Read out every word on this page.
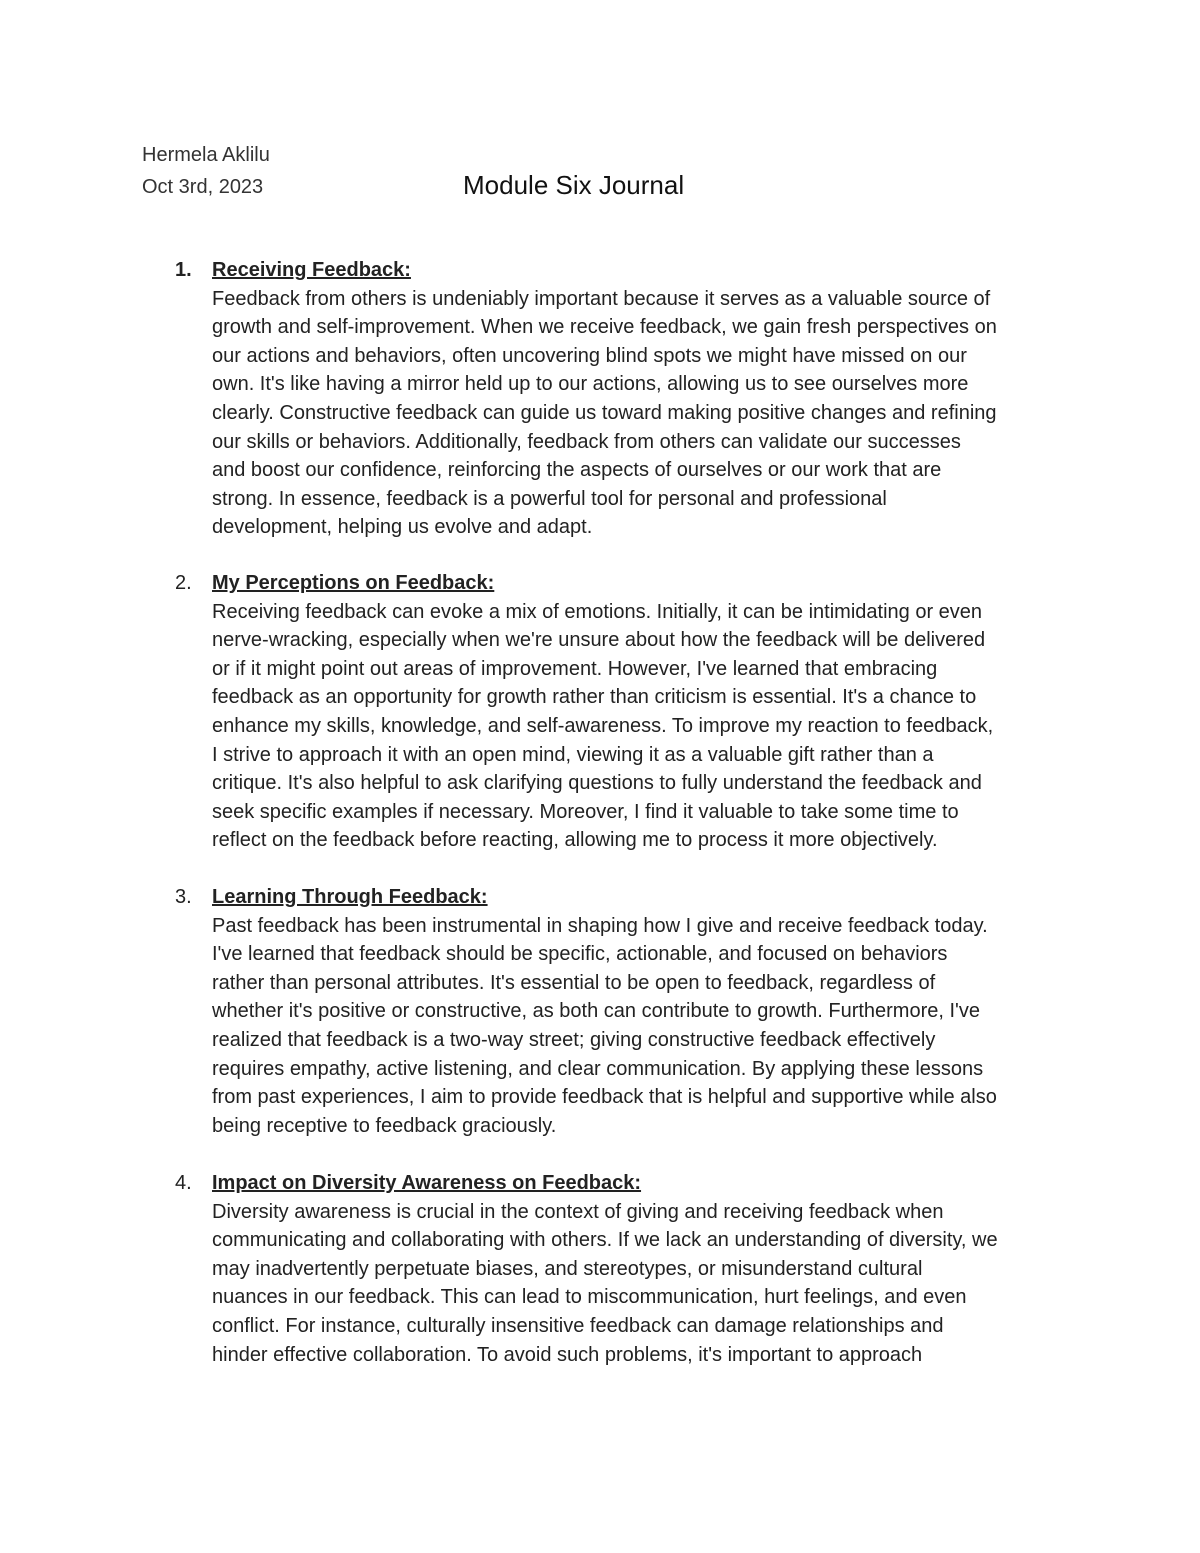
Hermela Aklilu
Oct 3rd, 2023	Module Six Journal
1. Receiving Feedback:
Feedback from others is undeniably important because it serves as a valuable source of
growth and self-improvement. When we receive feedback, we gain fresh perspectives on
our actions and behaviors, often uncovering blind spots we might have missed on our
own. It's like having a mirror held up to our actions, allowing us to see ourselves more
clearly. Constructive feedback can guide us toward making positive changes and refining
our skills or behaviors. Additionally, feedback from others can validate our successes
and boost our confidence, reinforcing the aspects of ourselves or our work that are
strong. In essence, feedback is a powerful tool for personal and professional
development, helping us evolve and adapt.
2. My Perceptions on Feedback:
Receiving feedback can evoke a mix of emotions. Initially, it can be intimidating or even
nerve-wracking, especially when we're unsure about how the feedback will be delivered
or if it might point out areas of improvement. However, I've learned that embracing
feedback as an opportunity for growth rather than criticism is essential. It's a chance to
enhance my skills, knowledge, and self-awareness. To improve my reaction to feedback,
I strive to approach it with an open mind, viewing it as a valuable gift rather than a
critique. It's also helpful to ask clarifying questions to fully understand the feedback and
seek specific examples if necessary. Moreover, I find it valuable to take some time to
reflect on the feedback before reacting, allowing me to process it more objectively.
3. Learning Through Feedback:
Past feedback has been instrumental in shaping how I give and receive feedback today.
I've learned that feedback should be specific, actionable, and focused on behaviors
rather than personal attributes. It's essential to be open to feedback, regardless of
whether it's positive or constructive, as both can contribute to growth. Furthermore, I've
realized that feedback is a two-way street; giving constructive feedback effectively
requires empathy, active listening, and clear communication. By applying these lessons
from past experiences, I aim to provide feedback that is helpful and supportive while also
being receptive to feedback graciously.
4. Impact on Diversity Awareness on Feedback:
Diversity awareness is crucial in the context of giving and receiving feedback when
communicating and collaborating with others. If we lack an understanding of diversity, we
may inadvertently perpetuate biases, and stereotypes, or misunderstand cultural
nuances in our feedback. This can lead to miscommunication, hurt feelings, and even
conflict. For instance, culturally insensitive feedback can damage relationships and
hinder effective collaboration. To avoid such problems, it's important to approach
